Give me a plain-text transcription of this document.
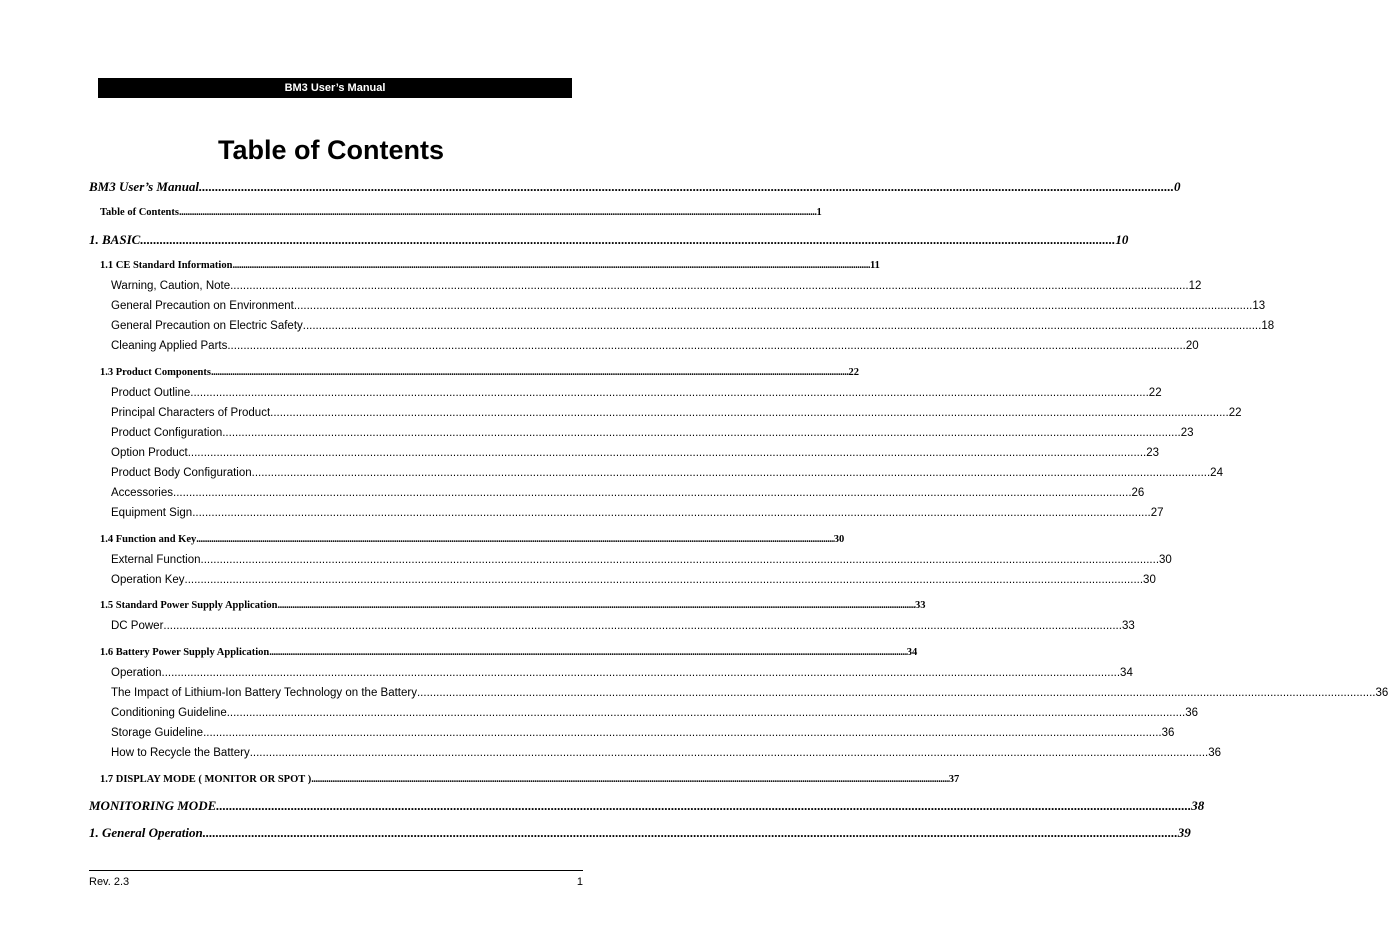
BM3 User’s Manual
Table of Contents
BM3 User’s Manual ............................................................................................................................................................................................................................................................................................................ 0
Table of Contents ............................................................................................................................................................................................................................................................................................................ 1
1. BASIC ............................................................................................................................................................................................................................................................................................................ 10
1.1 CE Standard Information ............................................................................................................................................................................................................................................................................................................ 11
Warning, Caution, Note ............................................................................................................................................................................................................................................................................................................ 12
General Precaution on Environment ............................................................................................................................................................................................................................................................................................................ 13
General Precaution on Electric Safety ............................................................................................................................................................................................................................................................................................................ 18
Cleaning Applied Parts ............................................................................................................................................................................................................................................................................................................ 20
1.3 Product Components ............................................................................................................................................................................................................................................................................................................ 22
Product Outline ............................................................................................................................................................................................................................................................................................................ 22
Principal Characters of Product ............................................................................................................................................................................................................................................................................................................ 22
Product Configuration ............................................................................................................................................................................................................................................................................................................ 23
Option Product ............................................................................................................................................................................................................................................................................................................ 23
Product Body Configuration ............................................................................................................................................................................................................................................................................................................ 24
Accessories ............................................................................................................................................................................................................................................................................................................ 26
Equipment Sign ............................................................................................................................................................................................................................................................................................................ 27
1.4 Function and Key ............................................................................................................................................................................................................................................................................................................ 30
External Function ............................................................................................................................................................................................................................................................................................................ 30
Operation Key ............................................................................................................................................................................................................................................................................................................ 30
1.5 Standard Power Supply Application ............................................................................................................................................................................................................................................................................................................ 33
DC Power ............................................................................................................................................................................................................................................................................................................ 33
1.6 Battery Power Supply Application ............................................................................................................................................................................................................................................................................................................ 34
Operation ............................................................................................................................................................................................................................................................................................................ 34
The Impact of Lithium-Ion Battery Technology on the Battery ............................................................................................................................................................................................................................................................................................................ 36
Conditioning Guideline ............................................................................................................................................................................................................................................................................................................ 36
Storage Guideline ............................................................................................................................................................................................................................................................................................................ 36
How to Recycle the Battery ............................................................................................................................................................................................................................................................................................................ 36
1.7 DISPLAY MODE ( MONITOR OR SPOT ) ............................................................................................................................................................................................................................................................................................................ 37
MONITORING MODE ............................................................................................................................................................................................................................................................................................................ 38
1. General Operation ............................................................................................................................................................................................................................................................................................................ 39
Rev. 2.3	1
